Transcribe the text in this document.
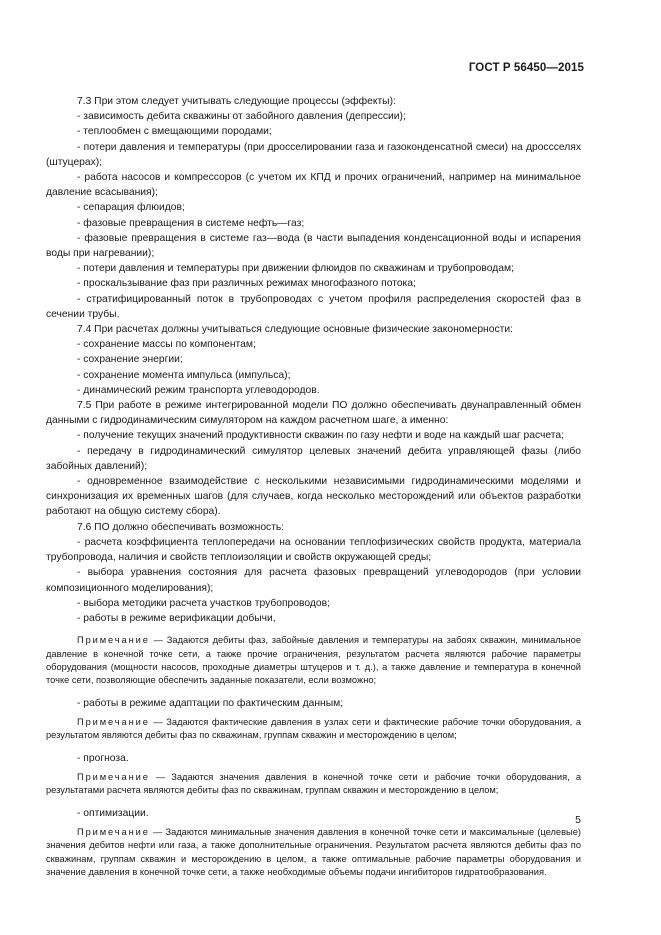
ГОСТ Р 56450—2015

7.3 При этом следует учитывать следующие процессы (эффекты):

- зависимость дебита скважины от забойного давления (депрессии);

- теплообмен с вмещающими породами;

- потери давления и температуры (при дросселировании газа и газоконденсатной смеси) на дроссселях (штуцерах);

- работа насосов и компрессоров (с учетом их КПД и прочих ограничений, например на минимальное давление всасывания);

- сепарация флюидов;

- фазовые превращения в системе нефть—газ;

- фазовые превращения в системе газ—вода (в части выпадения конденсационной воды и испарения воды при нагревании);

- потери давления и температуры при движении флюидов по скважинам и трубопроводам;

- проскальзывание фаз при различных режимах многофазного потока;

- стратифицированный поток в трубопроводах с учетом профиля распределения скоростей фаз в сечении трубы.

7.4 При расчетах должны учитываться следующие основные физические закономерности:

- сохранение массы по компонентам;

- сохранение энергии;

- сохранение момента импульса (импульса);

- динамический режим транспорта углеводородов.

7.5 При работе в режиме интегрированной модели ПО должно обеспечивать двунаправленный обмен данными с гидродинамическим симулятором на каждом расчетном шаге, а именно:

- получение текущих значений продуктивности скважин по газу нефти и воде на каждый шаг расчета;

- передачу в гидродинамический симулятор целевых значений дебита управляющей фазы (либо забойных давлений);

- одновременное взаимодействие с несколькими независимыми гидродинамическими моделями и синхронизация их временных шагов (для случаев, когда несколько месторождений или объектов разработки работают на общую систему сбора).

7.6 ПО должно обеспечивать возможность:

- расчета коэффициента теплопередачи на основании теплофизических свойств продукта, материала трубопровода, наличия и свойств теплоизоляции и свойств окружающей среды;

- выбора уравнения состояния для расчета фазовых превращений углеводородов (при условии композиционного моделирования);

- выбора методики расчета участков трубопроводов;

- работы в режиме верификации добычи,

Примечание — Задаются дебиты фаз, забойные давления и температуры на забоях скважин, минимальное давление в конечной точке сети, а также прочие ограничения, результатом расчета являются рабочие параметры оборудования (мощности насосов, проходные диаметры штуцеров и т. д.), а также давление и температура в конечной точке сети, позволяющие обеспечить заданные показатели, если возможно;

- работы в режиме адаптации по фактическим данным;

Примечание — Задаются фактические давления в узлах сети и фактические рабочие точки оборудования, а результатом являются дебиты фаз по скважинам, группам скважин и месторождению в целом;

- прогноза.

Примечание — Задаются значения давления в конечной точке сети и рабочие точки оборудования, а результатами расчета являются дебиты фаз по скважинам, группам скважин и месторождению в целом;

- оптимизации.

Примечание — Задаются минимальные значения давления в конечной точке сети и максимальные (целевые) значения дебитов нефти или газа, а также дополнительные ограничения. Результатом расчета являются дебиты фаз по скважинам, группам скважин и месторождению в целом, а также оптимальные рабочие параметры оборудования и значение давления в конечной точке сети, а также необходимые объемы подачи ингибиторов гидратообразования.

5
